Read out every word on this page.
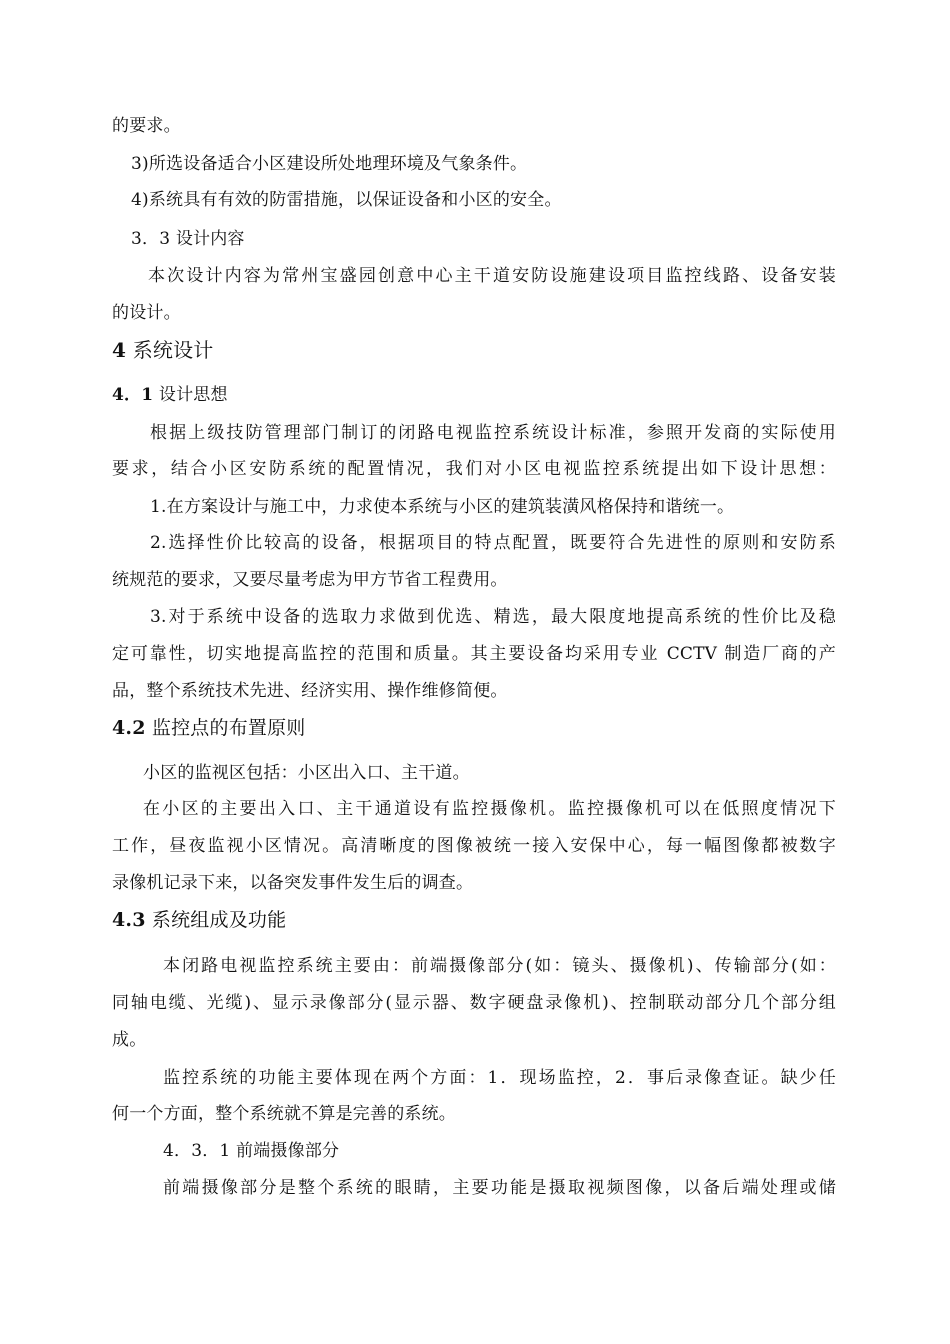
的要求。
3)所选设备适合小区建设所处地理环境及气象条件。
4)系统具有有效的防雷措施，以保证设备和小区的安全。
3．3 设计内容
本次设计内容为常州宝盛园创意中心主干道安防设施建设项目监控线路、设备安装
的设计。
4 系统设计
4．1 设计思想
根据上级技防管理部门制订的闭路电视监控系统设计标准，参照开发商的实际使用
要求，结合小区安防系统的配置情况，我们对小区电视监控系统提出如下设计思想：
1.在方案设计与施工中，力求使本系统与小区的建筑装潢风格保持和谐统一。
2.选择性价比较高的设备，根据项目的特点配置，既要符合先进性的原则和安防系
统规范的要求，又要尽量考虑为甲方节省工程费用。
3.对于系统中设备的选取力求做到优选、精选，最大限度地提高系统的性价比及稳
定可靠性，切实地提高监控的范围和质量。其主要设备均采用专业 CCTV 制造厂商的产
品，整个系统技术先进、经济实用、操作维修简便。
4.2 监控点的布置原则
小区的监视区包括：小区出入口、主干道。
在小区的主要出入口、主干通道设有监控摄像机。监控摄像机可以在低照度情况下
工作，昼夜监视小区情况。高清晰度的图像被统一接入安保中心，每一幅图像都被数字
录像机记录下来，以备突发事件发生后的调查。
4.3 系统组成及功能
本闭路电视监控系统主要由：前端摄像部分(如：镜头、摄像机)、传输部分(如：
同轴电缆、光缆)、显示录像部分(显示器、数字硬盘录像机)、控制联动部分几个部分组
成。
监控系统的功能主要体现在两个方面：1．现场监控，2．事后录像查证。缺少任
何一个方面，整个系统就不算是完善的系统。
4．3．1 前端摄像部分
前端摄像部分是整个系统的眼睛，主要功能是摄取视频图像，以备后端处理或储
